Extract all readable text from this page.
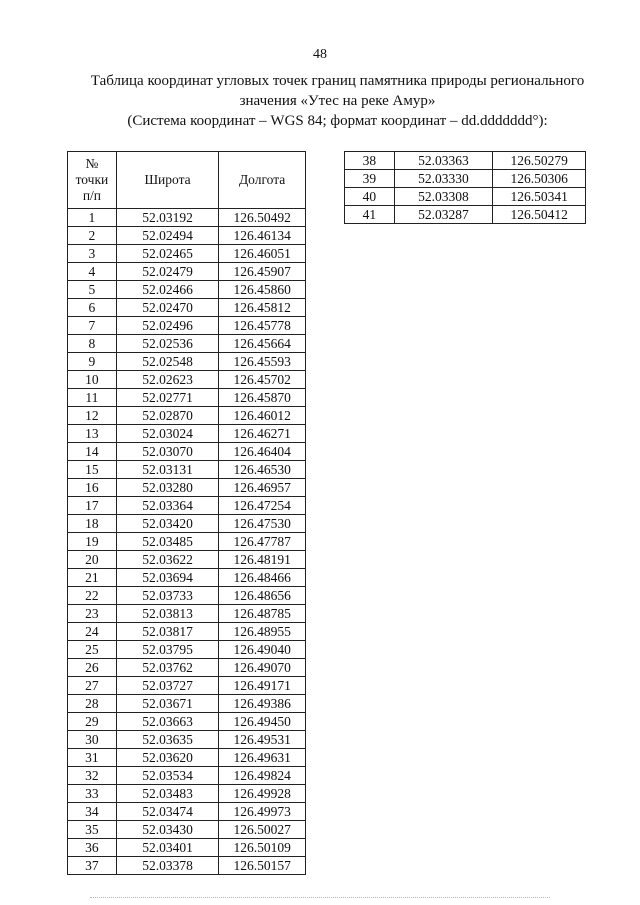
48
Таблица координат угловых точек границ памятника природы регионального
значения «Утес на реке Амур»
(Система координат – WGS 84; формат координат – dd.ddddddd°):
№
точки
п/п	Широта	Долгота
1	52.03192	126.50492
2	52.02494	126.46134
3	52.02465	126.46051
4	52.02479	126.45907
5	52.02466	126.45860
6	52.02470	126.45812
7	52.02496	126.45778
8	52.02536	126.45664
9	52.02548	126.45593
10	52.02623	126.45702
11	52.02771	126.45870
12	52.02870	126.46012
13	52.03024	126.46271
14	52.03070	126.46404
15	52.03131	126.46530
16	52.03280	126.46957
17	52.03364	126.47254
18	52.03420	126.47530
19	52.03485	126.47787
20	52.03622	126.48191
21	52.03694	126.48466
22	52.03733	126.48656
23	52.03813	126.48785
24	52.03817	126.48955
25	52.03795	126.49040
26	52.03762	126.49070
27	52.03727	126.49171
28	52.03671	126.49386
29	52.03663	126.49450
30	52.03635	126.49531
31	52.03620	126.49631
32	52.03534	126.49824
33	52.03483	126.49928
34	52.03474	126.49973
35	52.03430	126.50027
36	52.03401	126.50109
37	52.03378	126.50157
38	52.03363	126.50279
39	52.03330	126.50306
40	52.03308	126.50341
41	52.03287	126.50412
